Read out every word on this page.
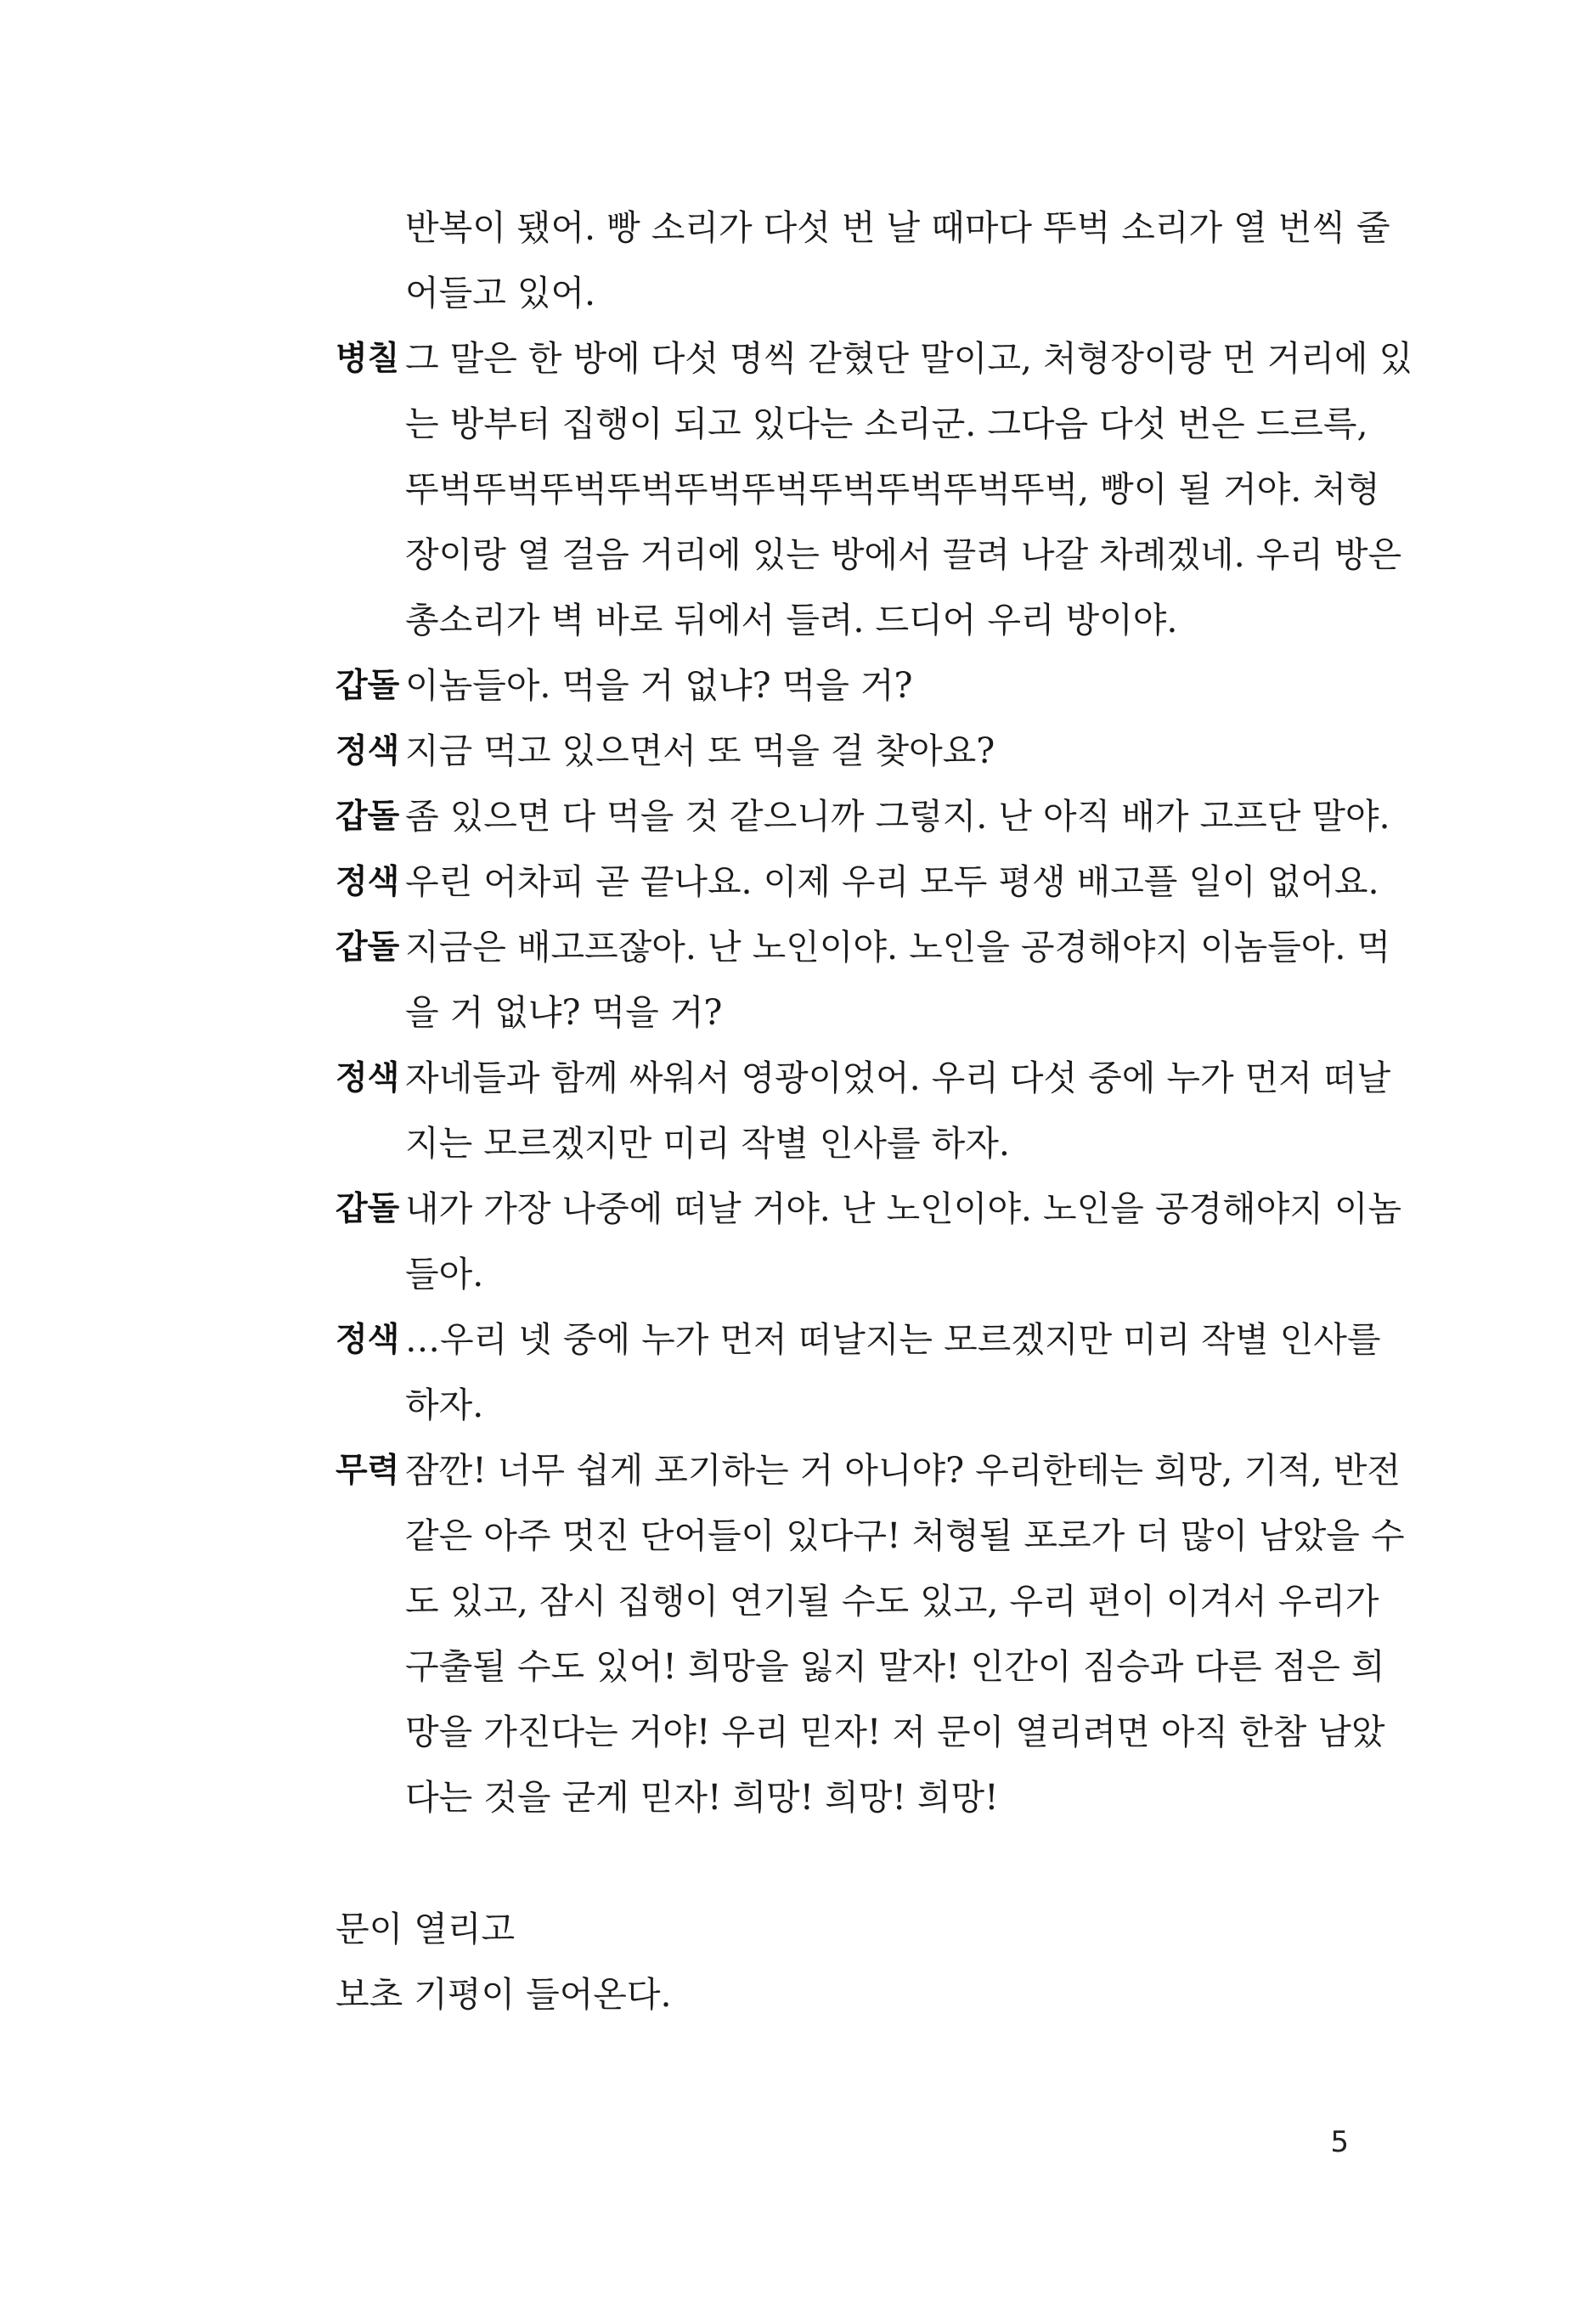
반복이 됐어. 빵 소리가 다섯 번 날 때마다 뚜벅 소리가 열 번씩 줄
어들고 있어.
병칠 그 말은 한 방에 다섯 명씩 갇혔단 말이고, 처형장이랑 먼 거리에 있
는 방부터 집행이 되고 있다는 소리군. 그다음 다섯 번은 드르륵,
뚜벅뚜벅뚜벅뚜벅뚜벅뚜벅뚜벅뚜벅뚜벅뚜벅, 빵이 될 거야. 처형
장이랑 열 걸음 거리에 있는 방에서 끌려 나갈 차례겠네. 우리 방은
총소리가 벽 바로 뒤에서 들려. 드디어 우리 방이야.
갑돌 이놈들아. 먹을 거 없냐? 먹을 거?
정색 지금 먹고 있으면서 또 먹을 걸 찾아요?
갑돌 좀 있으면 다 먹을 것 같으니까 그렇지. 난 아직 배가 고프단 말야.
정색 우린 어차피 곧 끝나요. 이제 우리 모두 평생 배고플 일이 없어요.
갑돌 지금은 배고프잖아. 난 노인이야. 노인을 공경해야지 이놈들아. 먹
을 거 없냐? 먹을 거?
정색 자네들과 함께 싸워서 영광이었어. 우리 다섯 중에 누가 먼저 떠날
지는 모르겠지만 미리 작별 인사를 하자.
갑돌 내가 가장 나중에 떠날 거야. 난 노인이야. 노인을 공경해야지 이놈
들아.
정색 …우리 넷 중에 누가 먼저 떠날지는 모르겠지만 미리 작별 인사를
하자.
무력 잠깐! 너무 쉽게 포기하는 거 아니야? 우리한테는 희망, 기적, 반전
같은 아주 멋진 단어들이 있다구! 처형될 포로가 더 많이 남았을 수
도 있고, 잠시 집행이 연기될 수도 있고, 우리 편이 이겨서 우리가
구출될 수도 있어! 희망을 잃지 말자! 인간이 짐승과 다른 점은 희
망을 가진다는 거야! 우리 믿자! 저 문이 열리려면 아직 한참 남았
다는 것을 굳게 믿자! 희망! 희망! 희망!
문이 열리고
보초 기평이 들어온다.
5
